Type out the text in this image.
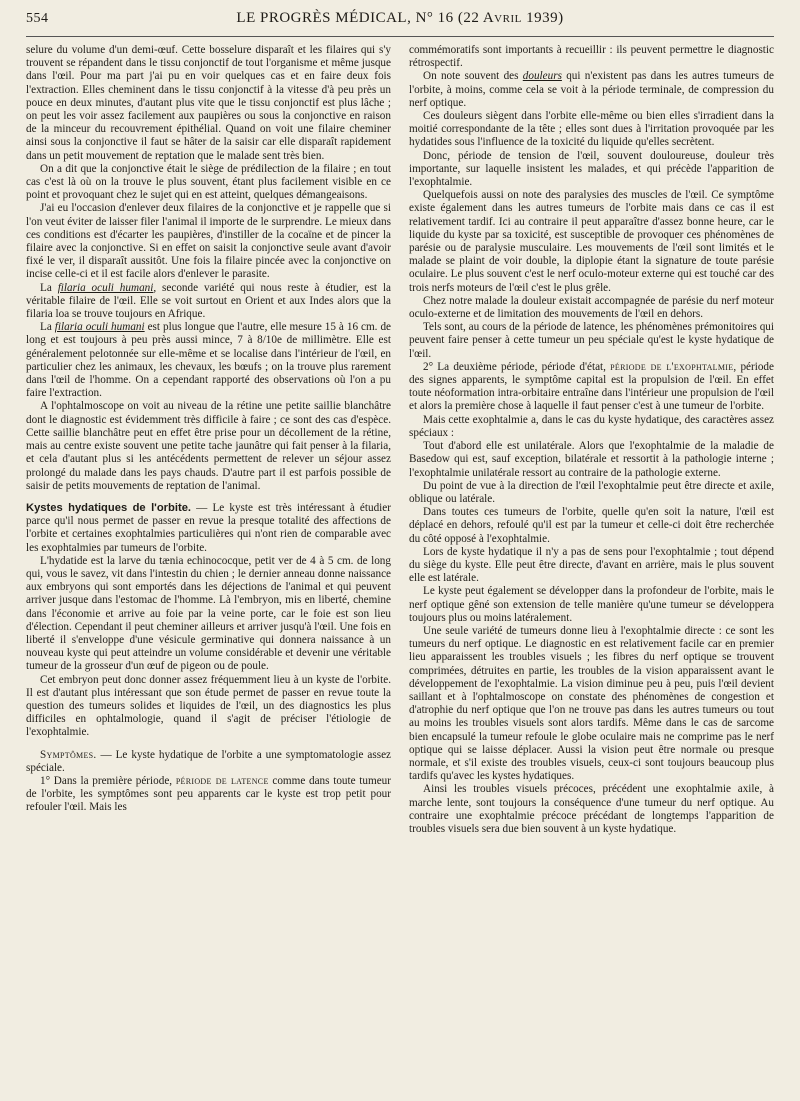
554	LE PROGRÈS MÉDICAL, N° 16 (22 Avril 1939)

selure du volume d'un demi-œuf. Cette bosselure disparaît et les filaires qui s'y trouvent se répandent dans le tissu conjonctif de tout l'organisme et même jusque dans l'œil. Pour ma part j'ai pu en voir quelques cas et en faire deux fois l'extraction. Elles cheminent dans le tissu conjonctif à la vitesse d'à peu près un pouce en deux minutes, d'autant plus vite que le tissu conjonctif est plus lâche ; on peut les voir assez facilement aux paupières ou sous la conjonctive en raison de la minceur du recouvrement épithélial. Quand on voit une filaire cheminer ainsi sous la conjonctive il faut se hâter de la saisir car elle disparaît rapidement dans un petit mouvement de reptation que le malade sent très bien.

On a dit que la conjonctive était le siège de prédilection de la filaire ; en tout cas c'est là où on la trouve le plus souvent, étant plus facilement visible en ce point et provoquant chez le sujet qui en est atteint, quelques démangeaisons.

J'ai eu l'occasion d'enlever deux filaires de la conjonctive et je rappelle que si l'on veut éviter de laisser filer l'animal il importe de le surprendre. Le mieux dans ces conditions est d'écarter les paupières, d'instiller de la cocaïne et de pincer la filaire avec la conjonctive. Si en effet on saisit la conjonctive seule avant d'avoir fixé le ver, il disparaît aussitôt. Une fois la filaire pincée avec la conjonctive on incise celle-ci et il est facile alors d'enlever le parasite.

La filaria oculi humani, seconde variété qui nous reste à étudier, est la véritable filaire de l'œil. Elle se voit surtout en Orient et aux Indes alors que la filaria loa se trouve toujours en Afrique.

La filaria oculi humani est plus longue que l'autre, elle mesure 15 à 16 cm. de long et est toujours à peu près aussi mince, 7 à 8/10e de millimètre. Elle est généralement pelotonnée sur elle-même et se localise dans l'intérieur de l'œil, en particulier chez les animaux, les chevaux, les bœufs ; on la trouve plus rarement dans l'œil de l'homme. On a cependant rapporté des observations où l'on a pu faire l'extraction.

A l'ophtalmoscope on voit au niveau de la rétine une petite saillie blanchâtre dont le diagnostic est évidemment très difficile à faire ; ce sont des cas d'espèce. Cette saillie blanchâtre peut en effet être prise pour un décollement de la rétine, mais au centre existe souvent une petite tache jaunâtre qui fait penser à la filaria, et cela d'autant plus si les antécédents permettent de relever un séjour assez prolongé du malade dans les pays chauds. D'autre part il est parfois possible de saisir de petits mouvements de reptation de l'animal.

Kystes hydatiques de l'orbite. — Le kyste est très intéressant à étudier parce qu'il nous permet de passer en revue la presque totalité des affections de l'orbite et certaines exophtalmies particulières qui n'ont rien de comparable avec les exophtalmies par tumeurs de l'orbite.

L'hydatide est la larve du tænia echinococque, petit ver de 4 à 5 cm. de long qui, vous le savez, vit dans l'intestin du chien ; le dernier anneau donne naissance aux embryons qui sont emportés dans les déjections de l'animal et qui peuvent arriver jusque dans l'estomac de l'homme. Là l'embryon, mis en liberté, chemine dans l'économie et arrive au foie par la veine porte, car le foie est son lieu d'élection. Cependant il peut cheminer ailleurs et arriver jusqu'à l'œil. Une fois en liberté il s'enveloppe d'une vésicule germinative qui donnera naissance à un nouveau kyste qui peut atteindre un volume considérable et devenir une véritable tumeur de la grosseur d'un œuf de pigeon ou de poule.

Cet embryon peut donc donner assez fréquemment lieu à un kyste de l'orbite. Il est d'autant plus intéressant que son étude permet de passer en revue toute la question des tumeurs solides et liquides de l'œil, un des diagnostics les plus difficiles en ophtalmologie, quand il s'agit de préciser l'étiologie de l'exophtalmie.

Symptômes. — Le kyste hydatique de l'orbite a une symptomatologie assez spéciale.

1° Dans la première période, période de latence comme dans toute tumeur de l'orbite, les symptômes sont peu apparents car le kyste est trop petit pour refouler l'œil. Mais les

commémoratifs sont importants à recueillir : ils peuvent permettre le diagnostic rétrospectif.

On note souvent des douleurs qui n'existent pas dans les autres tumeurs de l'orbite, à moins, comme cela se voit à la période terminale, de compression du nerf optique.

Ces douleurs siègent dans l'orbite elle-même ou bien elles s'irradient dans la moitié correspondante de la tête ; elles sont dues à l'irritation provoquée par les hydatides sous l'influence de la toxicité du liquide qu'elles secrètent.

Donc, période de tension de l'œil, souvent douloureuse, douleur très importante, sur laquelle insistent les malades, et qui précède l'apparition de l'exophtalmie.

Quelquefois aussi on note des paralysies des muscles de l'œil. Ce symptôme existe également dans les autres tumeurs de l'orbite mais dans ce cas il est relativement tardif. Ici au contraire il peut apparaître d'assez bonne heure, car le liquide du kyste par sa toxicité, est susceptible de provoquer ces phénomènes de parésie ou de paralysie musculaire. Les mouvements de l'œil sont limités et le malade se plaint de voir double, la diplopie étant la signature de toute parésie oculaire. Le plus souvent c'est le nerf oculo-moteur externe qui est touché car des trois nerfs moteurs de l'œil c'est le plus grêle.

Chez notre malade la douleur existait accompagnée de parésie du nerf moteur oculo-externe et de limitation des mouvements de l'œil en dehors.

Tels sont, au cours de la période de latence, les phénomènes prémonitoires qui peuvent faire penser à cette tumeur un peu spéciale qu'est le kyste hydatique de l'œil.

2° La deuxième période, période d'état, période de l'exophtalmie, période des signes apparents, le symptôme capital est la propulsion de l'œil. En effet toute néoformation intra-orbitaire entraîne dans l'intérieur une propulsion de l'œil et alors la première chose à laquelle il faut penser c'est à une tumeur de l'orbite.

Mais cette exophtalmie a, dans le cas du kyste hydatique, des caractères assez spéciaux :

Tout d'abord elle est unilatérale. Alors que l'exophtalmie de la maladie de Basedow qui est, sauf exception, bilatérale et ressortit à la pathologie interne ; l'exophtalmie unilatérale ressort au contraire de la pathologie externe.

Du point de vue à la direction de l'œil l'exophtalmie peut être directe et axile, oblique ou latérale.

Dans toutes ces tumeurs de l'orbite, quelle qu'en soit la nature, l'œil est déplacé en dehors, refoulé qu'il est par la tumeur et celle-ci doit être recherchée du côté opposé à l'exophtalmie.

Lors de kyste hydatique il n'y a pas de sens pour l'exophtalmie ; tout dépend du siège du kyste. Elle peut être directe, d'avant en arrière, mais le plus souvent elle est latérale.

Le kyste peut également se développer dans la profondeur de l'orbite, mais le nerf optique gêné son extension de telle manière qu'une tumeur se développera toujours plus ou moins latéralement.

Une seule variété de tumeurs donne lieu à l'exophtalmie directe : ce sont les tumeurs du nerf optique. Le diagnostic en est relativement facile car en premier lieu apparaissent les troubles visuels ; les fibres du nerf optique se trouvent comprimées, détruites en partie, les troubles de la vision apparaissent avant le développement de l'exophtalmie. La vision diminue peu à peu, puis l'œil devient saillant et à l'ophtalmoscope on constate des phénomènes de congestion et d'atrophie du nerf optique que l'on ne trouve pas dans les autres tumeurs ou tout au moins les troubles visuels sont alors tardifs. Même dans le cas de sarcome bien encapsulé la tumeur refoule le globe oculaire mais ne comprime pas le nerf optique qui se laisse déplacer. Aussi la vision peut être normale ou presque normale, et s'il existe des troubles visuels, ceux-ci sont toujours beaucoup plus tardifs qu'avec les kystes hydatiques.

Ainsi les troubles visuels précoces, précédent une exophtalmie axile, à marche lente, sont toujours la conséquence d'une tumeur du nerf optique. Au contraire une exophtalmie précoce précédant de longtemps l'apparition de troubles visuels sera due bien souvent à un kyste hydatique.
